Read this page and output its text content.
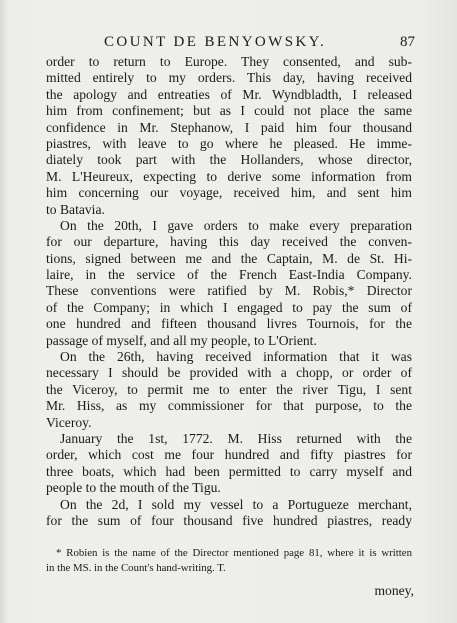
COUNT DE BENYOWSKY.	87
order to return to Europe. They consented, and sub-
mitted entirely to my orders. This day, having received
the apology and entreaties of Mr. Wyndbladth, I released
him from confinement; but as I could not place the same
confidence in Mr. Stephanow, I paid him four thousand
piastres, with leave to go where he pleased. He imme-
diately took part with the Hollanders, whose director,
M. L'Heureux, expecting to derive some information from
him concerning our voyage, received him, and sent him
to Batavia.
On the 20th, I gave orders to make every preparation
for our departure, having this day received the conven-
tions, signed between me and the Captain, M. de St. Hi-
laire, in the service of the French East-India Company.
These conventions were ratified by M. Robis,* Director
of the Company; in which I engaged to pay the sum of
one hundred and fifteen thousand livres Tournois, for the
passage of myself, and all my people, to L'Orient.
On the 26th, having received information that it was
necessary I should be provided with a chopp, or order of
the Viceroy, to permit me to enter the river Tigu, I sent
Mr. Hiss, as my commissioner for that purpose, to the
Viceroy.
January the 1st, 1772. M. Hiss returned with the
order, which cost me four hundred and fifty piastres for
three boats, which had been permitted to carry myself and
people to the mouth of the Tigu.
On the 2d, I sold my vessel to a Portugueze merchant,
for the sum of four thousand five hundred piastres, ready
* Robien is the name of the Director mentioned page 81, where it is written
in the MS. in the Count's hand-writing. T.
money,
